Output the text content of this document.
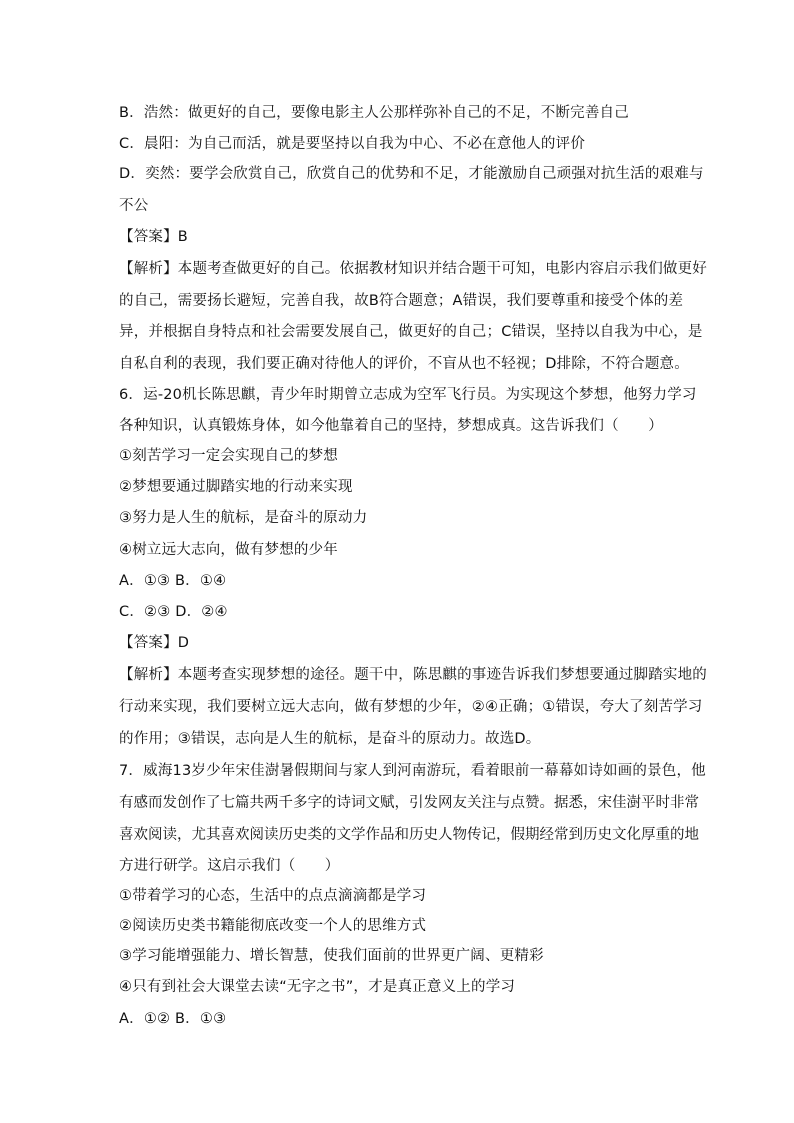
B．浩然：做更好的自己，要像电影主人公那样弥补自己的不足，不断完善自己
C．晨阳：为自己而活，就是要坚持以自我为中心、不必在意他人的评价
D．奕然：要学会欣赏自己，欣赏自己的优势和不足，才能激励自己顽强对抗生活的艰难与
不公
【答案】B
【解析】本题考查做更好的自己。依据教材知识并结合题干可知，电影内容启示我们做更好
的自己，需要扬长避短，完善自我，故B符合题意；A错误，我们要尊重和接受个体的差
异，并根据自身特点和社会需要发展自己，做更好的自己；C错误，坚持以自我为中心，是
自私自利的表现，我们要正确对待他人的评价，不盲从也不轻视；D排除，不符合题意。
6．运-20机长陈思麒，青少年时期曾立志成为空军飞行员。为实现这个梦想，他努力学习
各种知识，认真锻炼身体，如今他靠着自己的坚持，梦想成真。这告诉我们（　　）
①刻苦学习一定会实现自己的梦想
②梦想要通过脚踏实地的行动来实现
③努力是人生的航标，是奋斗的原动力
④树立远大志向，做有梦想的少年
A．①③ B．①④
C．②③ D．②④
【答案】D
【解析】本题考查实现梦想的途径。题干中，陈思麒的事迹告诉我们梦想要通过脚踏实地的
行动来实现，我们要树立远大志向，做有梦想的少年，②④正确；①错误，夸大了刻苦学习
的作用；③错误，志向是人生的航标，是奋斗的原动力。故选D。
7．威海13岁少年宋佳澍暑假期间与家人到河南游玩，看着眼前一幕幕如诗如画的景色，他
有感而发创作了七篇共两千多字的诗词文赋，引发网友关注与点赞。据悉，宋佳澍平时非常
喜欢阅读，尤其喜欢阅读历史类的文学作品和历史人物传记，假期经常到历史文化厚重的地
方进行研学。这启示我们（　　）
①带着学习的心态，生活中的点点滴滴都是学习
②阅读历史类书籍能彻底改变一个人的思维方式
③学习能增强能力、增长智慧，使我们面前的世界更广阔、更精彩
④只有到社会大课堂去读“无字之书”，才是真正意义上的学习
A．①② B．①③
